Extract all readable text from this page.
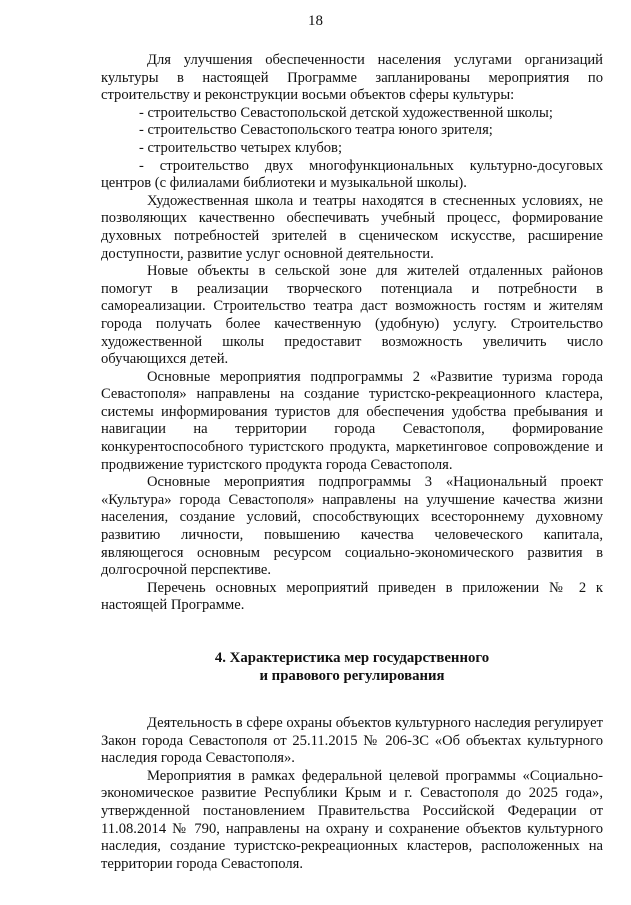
18

Для улучшения обеспеченности населения услугами организаций культуры в настоящей Программе запланированы мероприятия по строительству и реконструкции восьми объектов сферы культуры:

- строительство Севастопольской детской художественной школы;

- строительство Севастопольского театра юного зрителя;

- строительство четырех клубов;

- строительство двух многофункциональных культурно-досуговых центров (с филиалами библиотеки и музыкальной школы).

Художественная школа и театры находятся в стесненных условиях, не позволяющих качественно обеспечивать учебный процесс, формирование духовных потребностей зрителей в сценическом искусстве, расширение доступности, развитие услуг основной деятельности.

Новые объекты в сельской зоне для жителей отдаленных районов помогут в реализации творческого потенциала и потребности в самореализации. Строительство театра даст возможность гостям и жителям города получать более качественную (удобную) услугу. Строительство художественной школы предоставит возможность увеличить число обучающихся детей.

Основные мероприятия подпрограммы 2 «Развитие туризма города Севастополя» направлены на создание туристско-рекреационного кластера, системы информирования туристов для обеспечения удобства пребывания и навигации на территории города Севастополя, формирование конкурентоспособного туристского продукта, маркетинговое сопровождение и продвижение туристского продукта города Севастополя.

Основные мероприятия подпрограммы 3 «Национальный проект «Культура» города Севастополя» направлены на улучшение качества жизни населения, создание условий, способствующих всестороннему духовному развитию личности, повышению качества человеческого капитала, являющегося основным ресурсом социально-экономического развития в долгосрочной перспективе.

Перечень основных мероприятий приведен в приложении № 2 к настоящей Программе.

4. Характеристика мер государственного
и правового регулирования

Деятельность в сфере охраны объектов культурного наследия регулирует Закон города Севастополя от 25.11.2015 № 206-ЗС «Об объектах культурного наследия города Севастополя».

Мероприятия в рамках федеральной целевой программы «Социально-экономическое развитие Республики Крым и г. Севастополя до 2025 года», утвержденной постановлением Правительства Российской Федерации от 11.08.2014 № 790, направлены на охрану и сохранение объектов культурного наследия, создание туристско-рекреационных кластеров, расположенных на территории города Севастополя.
